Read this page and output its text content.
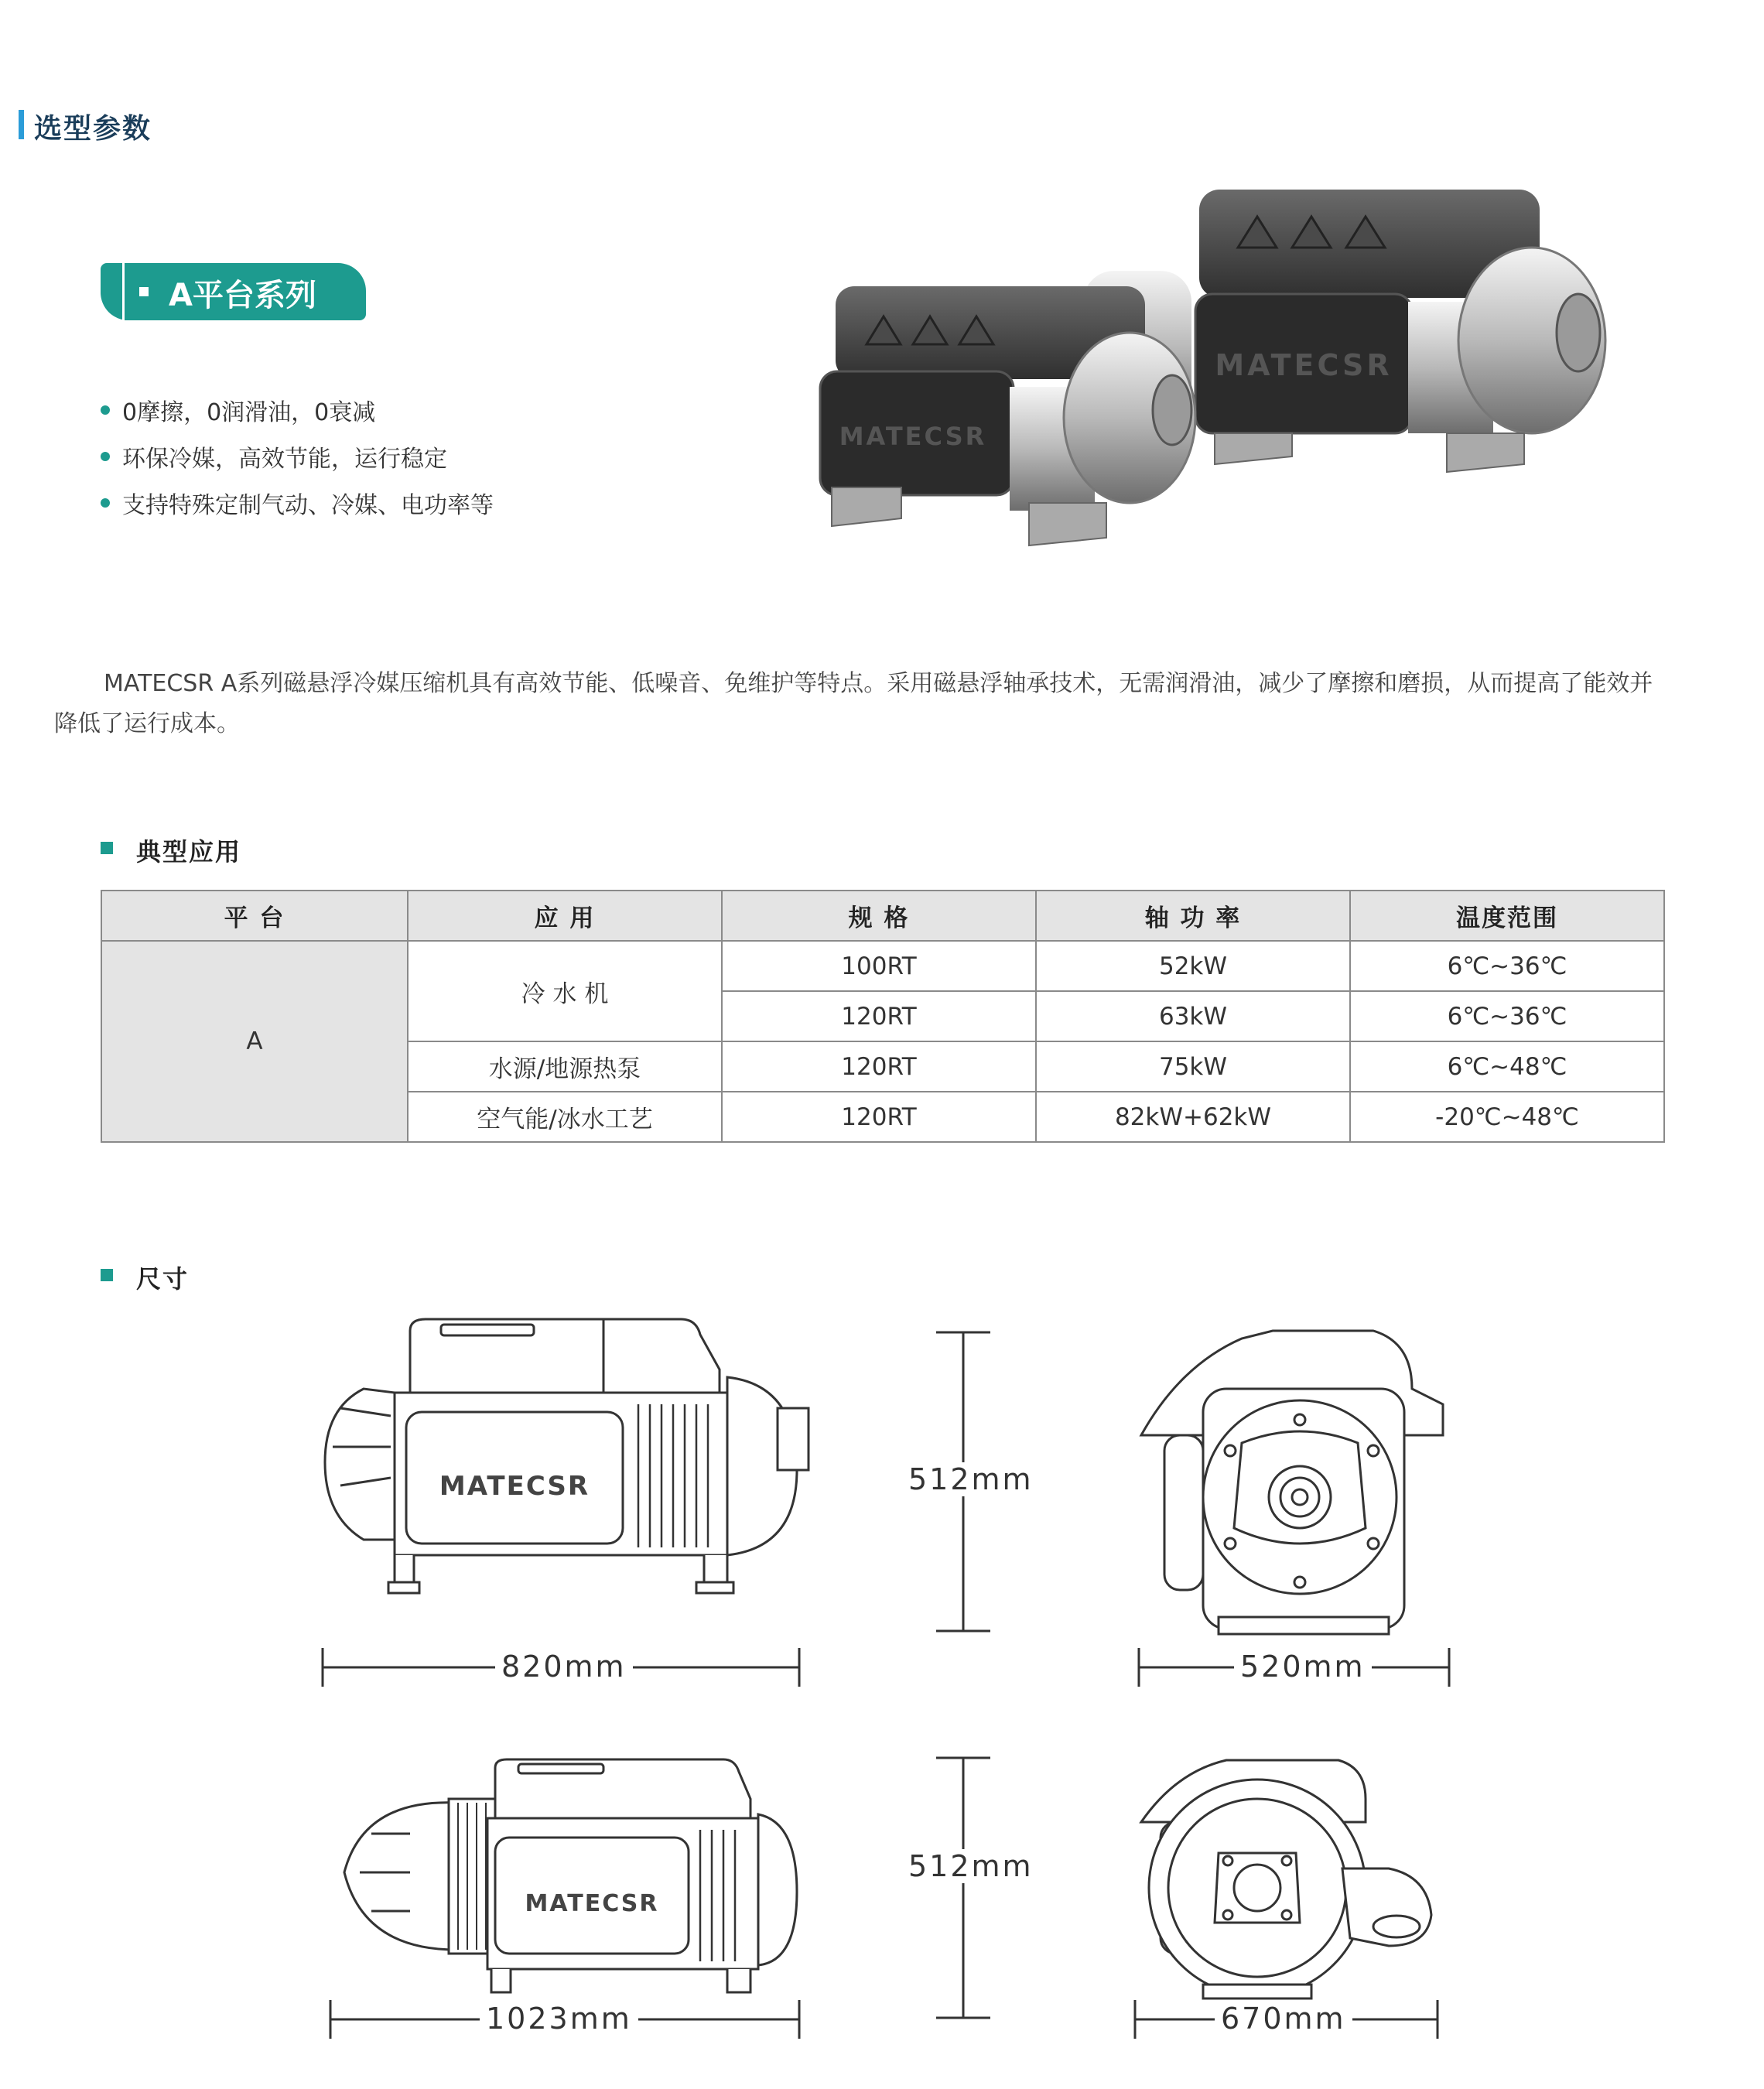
选型参数
A平台系列
0摩擦，0润滑油，0衰减
环保冷媒，高效节能，运行稳定
支持特殊定制气动、冷媒、电功率等
MATECSR
MATECSR
MATECSR A系列磁悬浮冷媒压缩机具有高效节能、低噪音、免维护等特点。采用磁悬浮轴承技术，无需润滑油，减少了摩擦和磨损，从而提高了能效并降低了运行成本。
典型应用
平 台	应 用	规 格	轴 功 率	温度范围
A	冷 水 机	100RT	52kW	6℃~36℃
		120RT	63kW	6℃~36℃
	水源/地源热泵	120RT	75kW	6℃~48℃
	空气能/冰水工艺	120RT	82kW+62kW	-20℃~48℃
尺寸
MATECSR
820mm
512mm
520mm
MATECSR
1023mm
512mm
670mm
